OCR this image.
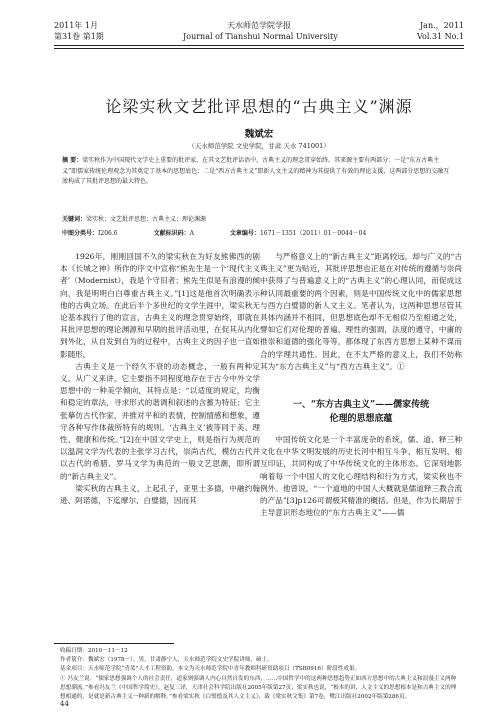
2011年 1月	天水师范学院学报	Jan.，2011
第31卷 第1期	Journal of Tianshui Normal University	Vol.31 No.1
论梁实秋文艺批评思想的“古典主义”渊源
魏斌宏
（天水师范学院 文史学院，甘肃 天水 741001）
摘 要：梁实秋作为中国现代文学史上重要的批评家，在其文艺批评话语中，古典主义的理念贯穿始终。其来源主要有两部分：一是“东方古典主义”即儒家传统伦理观念为其奠定了基本的思想底色；二是“西方古典主义”即新人文主义的精神为其提供了有效的理论支援，这两部分思想的交融互渗构成了其批评思想的最大特色。
关键词：梁实秋；文艺批评思想；古典主义；理论渊源
中图分类号：I206.6	文献标识码：A	文章编号：1671－1351（2011）01－0044－04

1926年，刚刚回国不久的梁实秋在为好友熊佛西的剧本《长城之神》所作的序文中宣称“熊先生是一个‘现代主义者’（Modernist），我是个守旧者；熊先生似是有浪漫的倾向，我是明明白白尊重古典主义。”[1]这是他首次明确表示他的古典立场。在此后半个多世纪的文学生涯中，梁实秋无论基本践行了他的宣言，古典主义的理念贯穿始终，即就在其批评思想的理论渊源和早期的批评活动里，在促其从内化到外化，从自发到自为的过程中，古典主义的因子也一直如影随形。

古典主义是一个经久不衰的动态概念，一般有两种定义。从广义来讲，它主要指不同程度地存在于古今中外文学思想中的一种美学倾向，其特点是：“以适度的规定，均衡和稳定的章法，寻求形式的谐调和叙述的含蓄为特征；它主张摹仿古代作家，并推对平和的表情，控制情感和想象，遵守各种写作体裁所特有的规则。‘古典主义’被等同于美、理性、健康和传统。”[2]在中国文学史上，则是指行为规范的以温润文学为代表的主张学习古代，崇尚古代，模仿古代并以古代的希腊、罗马文学为典范的一般文艺思潮，即所谓的“新古典主义”。

梁实秋的古典主义，上起孔子，亚里士多德，中融约翰逊、阿诺德，下迄摩尔、白璧德，因而其

与严格意义上的“新古典主义”距离较远，却与广义的“古典主义”更为贴近，其批评思想也正是在对传统的遵循与崇尚中获得了与普遍意义上的“古典主义”的心理认同，而促成这种认同最重要的两个因素，则是中国传统文化中的儒家思想与西方白璧德的新人文主义。笔者认为，这两种思想尽管其具体内涵并不相同，但思想底色却不无相似乃至相通之处，譬如它们对伦理的普遍、理性的强调，法度的遵守，中庸的推崇和道德的强化等等，都体现了东西方思想上某种不谋而合的学理共通性。因此，在不太严格的意义上，我们不妨称其为“东方古典主义”与“西方古典主义”。①

一、“东方古典主义”——儒家传统
伦理的思想底蕴

中国传统文化是一个丰富庞杂的系统，儒、道、释三种文化在中华文明发展的历史长河中相互斗争、相互发明、相互印证，共同构成了中华传统文化的主体形态。它深刻地影响着每一个中国人的文化心理结构和行为方式，梁实秋也不例外。他曾说，“一个道地的中国人大概就是儒道释三教合流的产品”[3]p126可谓极其精准的概括。但是，作为长期居于主导意识形态地位的“东方古典主义”——儒

收稿日期：2010－11－12
作者简介：魏斌宏（1978－），男，甘肃静宁人，天水师范学院文史学院讲师，硕士。
基金项目：天水师范学院“青蓝”人才工程资助，本文为天水师范学院中青年教师科研资助项目（TSB0916）阶段性成果。
① 冯友兰说：“儒家思想强调个人的社会责任，道家则强调人内心自然自发的东西，……中国哲学中的这两种思想趋势正如西方思想中的古典主义和浪漫主义两种思想潮流。”参看冯友兰《中国哲学简史》，赵复三译，天津社会科学院出版社2005年版第27页；梁实秋也说，“根本的讲，人文主义的思想根本是和古典主义的理想相通的，是就是新古典主义一种新的解释。”参看梁实秋《白璧德及其人文主义》，载《梁实秋文集》第7卷，鹭江出版社2002年版第286页。
44
